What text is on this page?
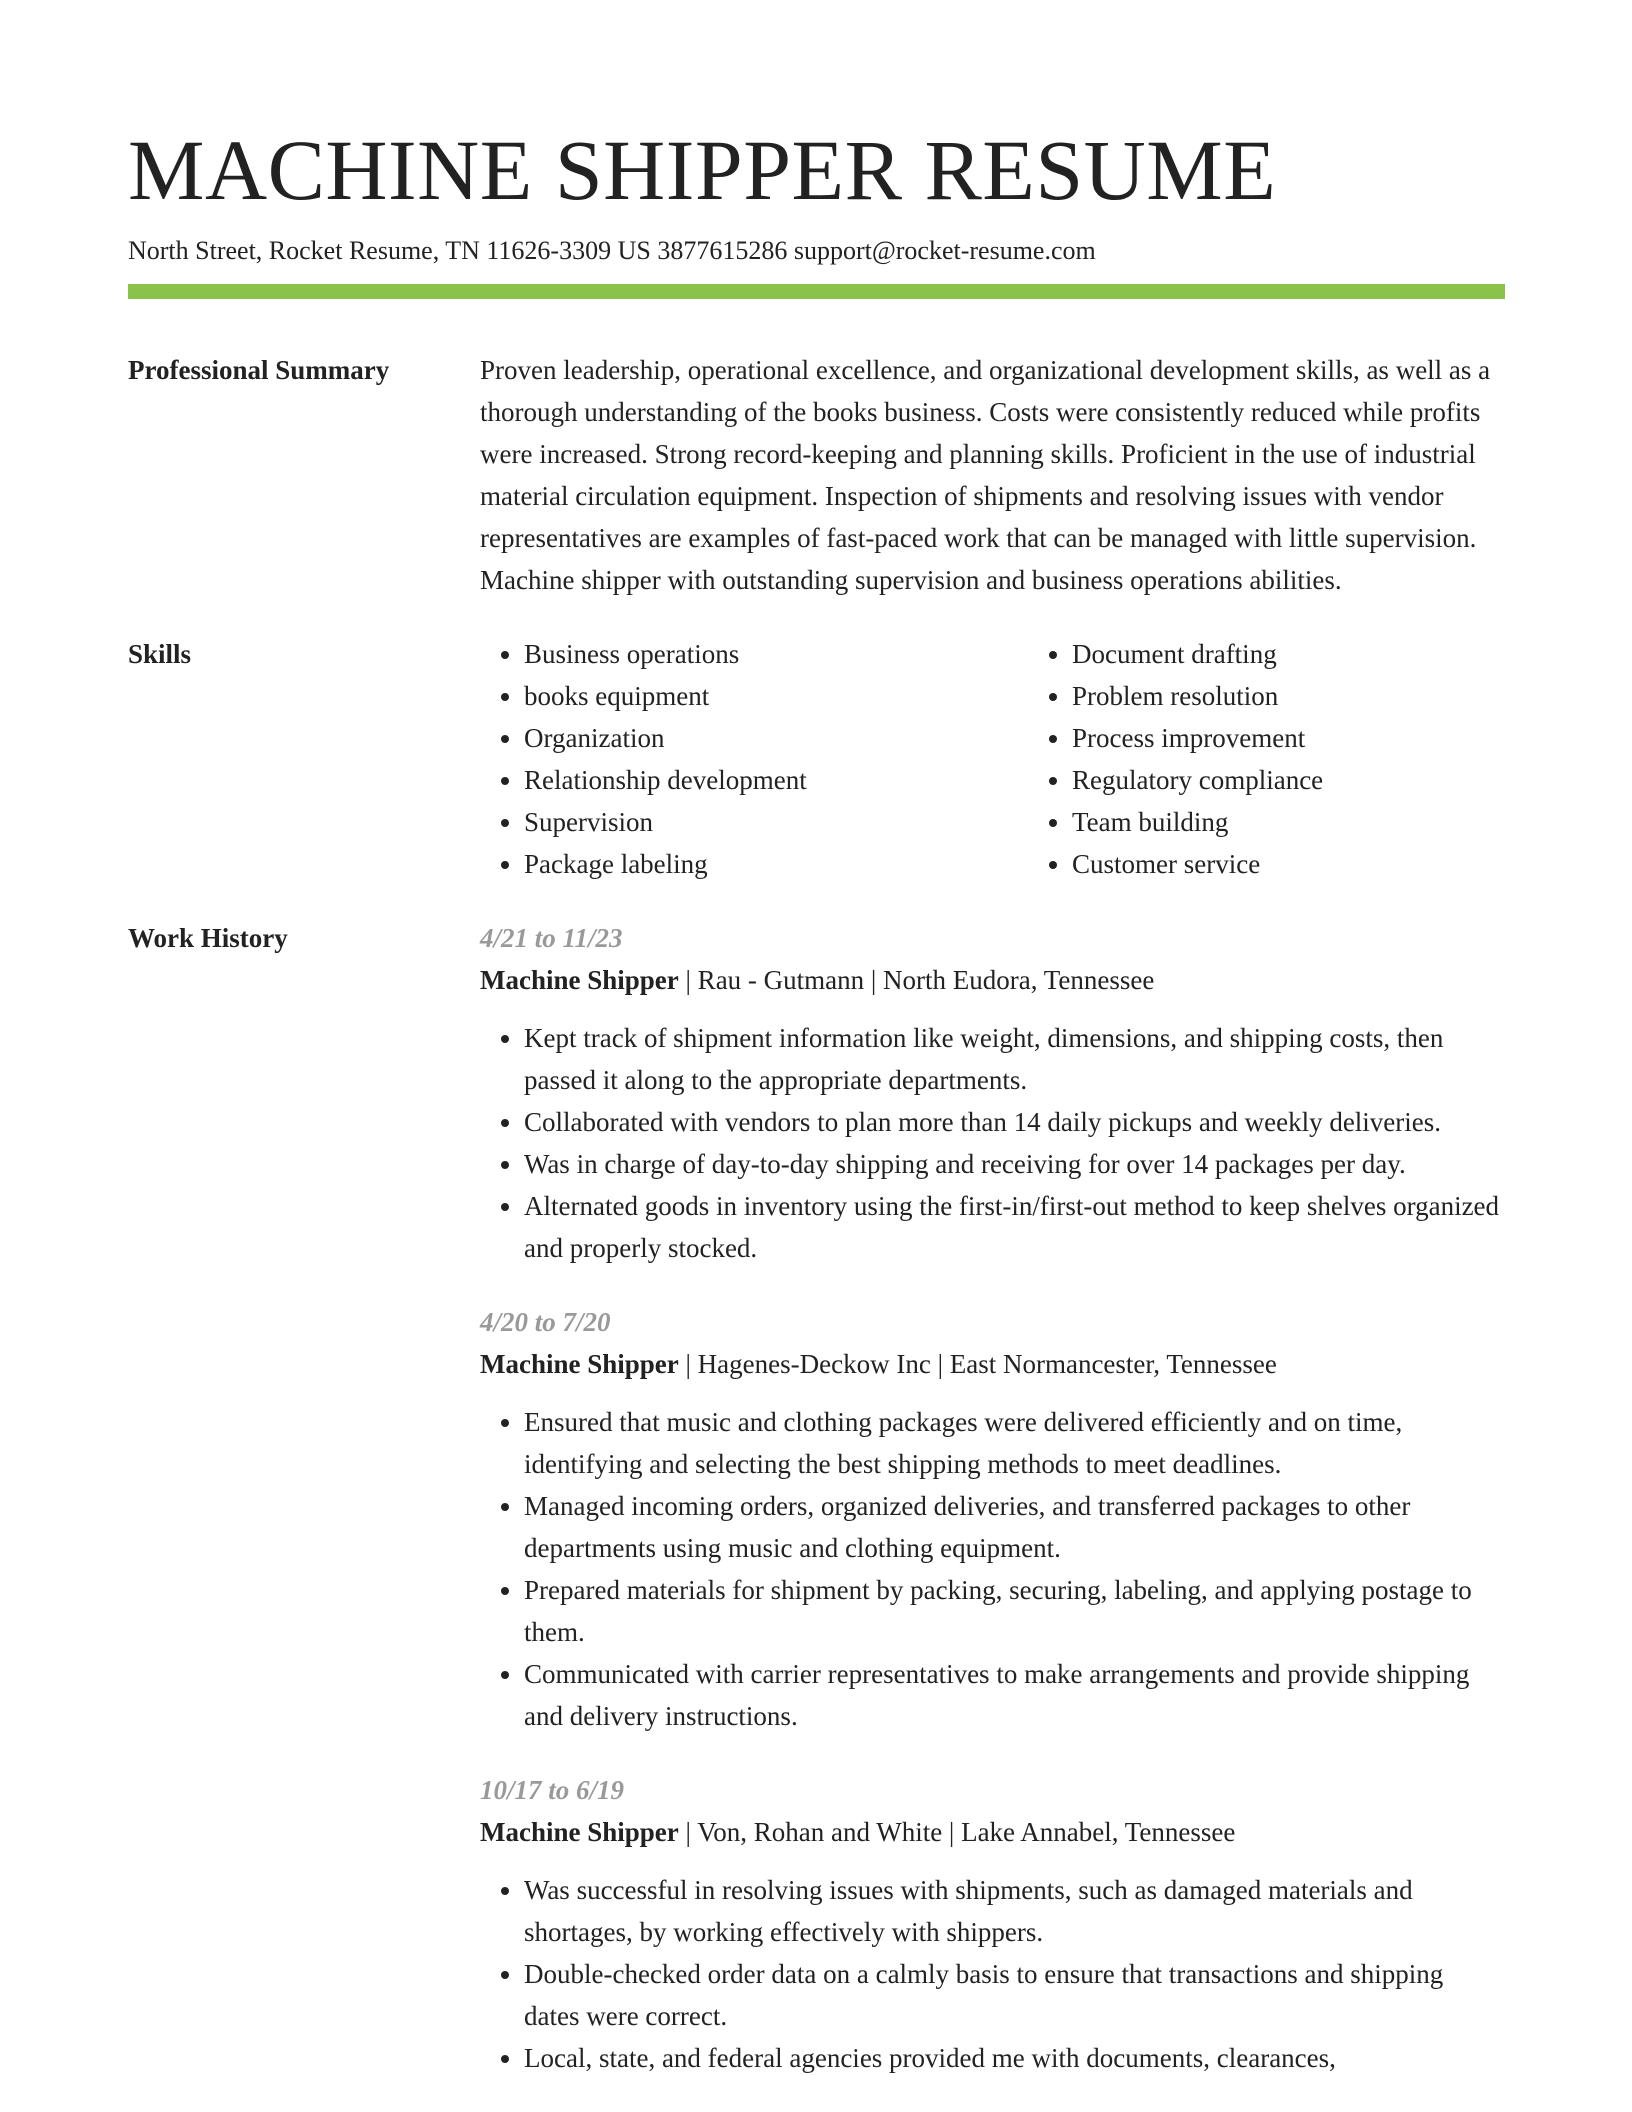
MACHINE SHIPPER RESUME
North Street, Rocket Resume, TN 11626-3309 US 3877615286 support@rocket-resume.com
Professional Summary	Proven leadership, operational excellence, and organizational development skills, as well as a thorough understanding of the books business. Costs were consistently reduced while profits were increased. Strong record-keeping and planning skills. Proficient in the use of industrial material circulation equipment. Inspection of shipments and resolving issues with vendor representatives are examples of fast-paced work that can be managed with little supervision. Machine shipper with outstanding supervision and business operations abilities.
Skills
•	Business operations
• books equipment
• Organization
• Relationship development
• Supervision
• Package labeling
• Document drafting
• Problem resolution
• Process improvement
• Regulatory compliance
• Team building
• Customer service
Work History	4/21 to 11/23
Machine Shipper | Rau - Gutmann | North Eudora, Tennessee
• Kept track of shipment information like weight, dimensions, and shipping costs, then passed it along to the appropriate departments.
• Collaborated with vendors to plan more than 14 daily pickups and weekly deliveries.
• Was in charge of day-to-day shipping and receiving for over 14 packages per day.
• Alternated goods in inventory using the first-in/first-out method to keep shelves organized and properly stocked.
4/20 to 7/20
Machine Shipper | Hagenes-Deckow Inc | East Normancester, Tennessee
• Ensured that music and clothing packages were delivered efficiently and on time, identifying and selecting the best shipping methods to meet deadlines.
• Managed incoming orders, organized deliveries, and transferred packages to other departments using music and clothing equipment.
• Prepared materials for shipment by packing, securing, labeling, and applying postage to them.
• Communicated with carrier representatives to make arrangements and provide shipping and delivery instructions.
10/17 to 6/19
Machine Shipper | Von, Rohan and White | Lake Annabel, Tennessee
• Was successful in resolving issues with shipments, such as damaged materials and shortages, by working effectively with shippers.
• Double-checked order data on a calmly basis to ensure that transactions and shipping dates were correct.
• Local, state, and federal agencies provided me with documents, clearances,
